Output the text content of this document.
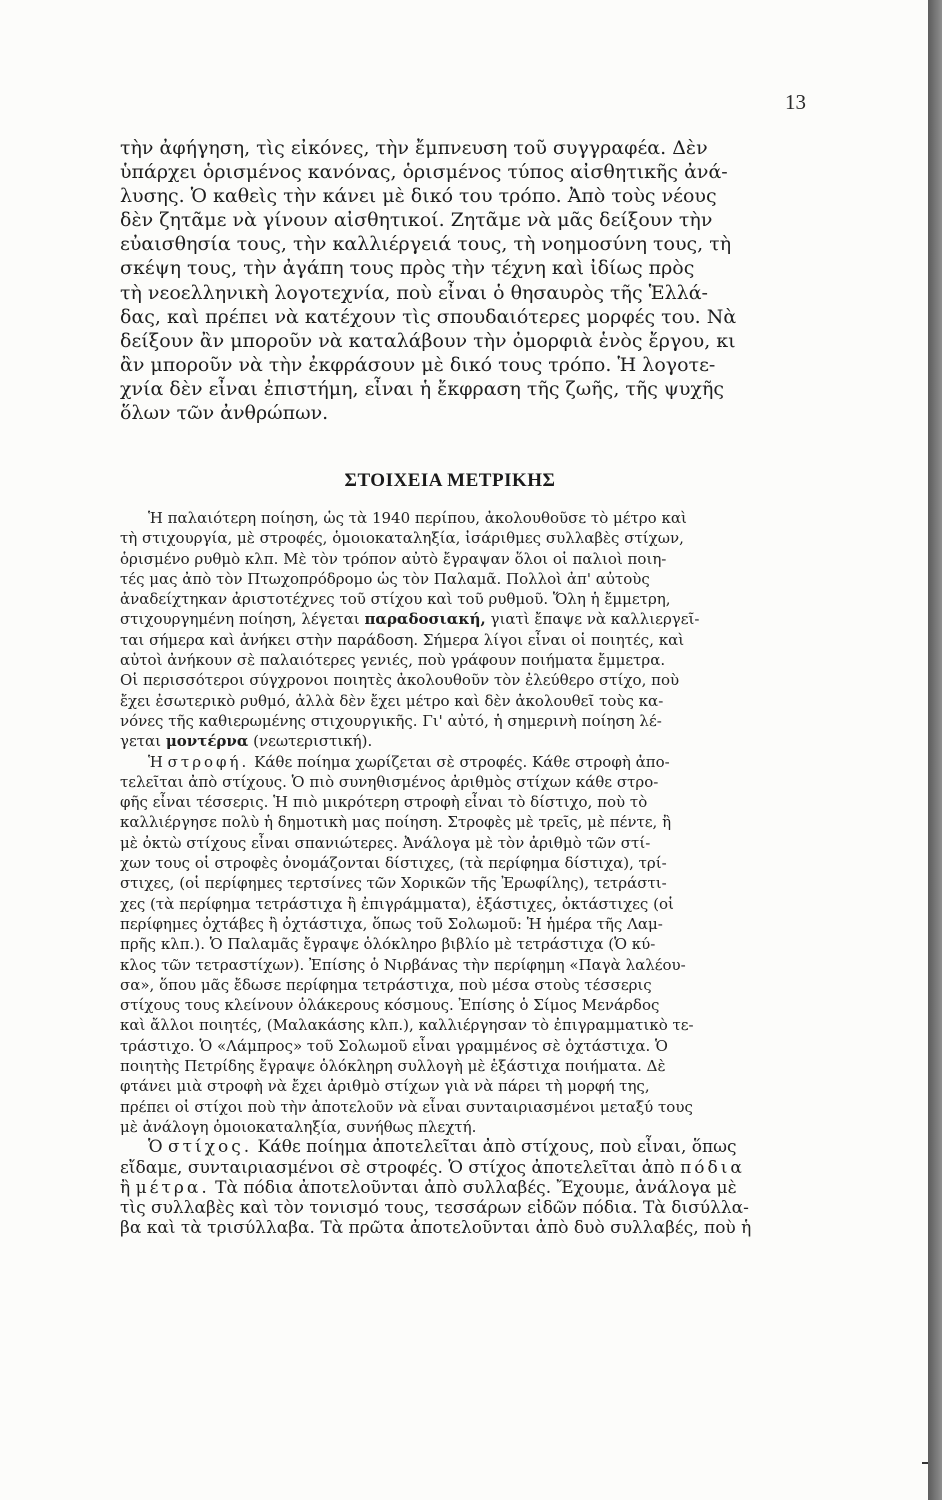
13
τὴν ἀφήγηση, τὶς εἰκόνες, τὴν ἔμπνευση τοῦ συγγραφέα. Δὲν
ὑπάρχει ὁρισμένος κανόνας, ὁρισμένος τύπος αἰσθητικῆς ἀνά-
λυσης. Ὁ καθεὶς τὴν κάνει μὲ δικό του τρόπο. Ἀπὸ τοὺς νέους
δὲν ζητᾶμε νὰ γίνουν αἰσθητικοί. Ζητᾶμε νὰ μᾶς δείξουν τὴν
εὐαισθησία τους, τὴν καλλιέργειά τους, τὴ νοημοσύνη τους, τὴ
σκέψη τους, τὴν ἀγάπη τους πρὸς τὴν τέχνη καὶ ἰδίως πρὸς
τὴ νεοελληνικὴ λογοτεχνία, ποὺ εἶναι ὁ θησαυρὸς τῆς Ἑλλά-
δας, καὶ πρέπει νὰ κατέχουν τὶς σπουδαιότερες μορφές του. Νὰ
δείξουν ἂν μποροῦν νὰ καταλάβουν τὴν ὀμορφιὰ ἑνὸς ἔργου, κι
ἂν μποροῦν νὰ τὴν ἐκφράσουν μὲ δικό τους τρόπο. Ἡ λογοτε-
χνία δὲν εἶναι ἐπιστήμη, εἶναι ἡ ἔκφραση τῆς ζωῆς, τῆς ψυχῆς
ὅλων τῶν ἀνθρώπων.
ΣΤΟΙΧΕΙΑ ΜΕΤΡΙΚΗΣ
Ἡ παλαιότερη ποίηση, ὡς τὰ 1940 περίπου, ἀκολουθοῦσε τὸ μέτρο καὶ
τὴ στιχουργία, μὲ στροφές, ὁμοιοκαταληξία, ἰσάριθμες συλλαβὲς στίχων,
ὁρισμένο ρυθμὸ κλπ. Μὲ τὸν τρόπον αὐτὸ ἔγραψαν ὅλοι οἱ παλιοὶ ποιη-
τές μας ἀπὸ τὸν Πτωχοπρόδρομο ὡς τὸν Παλαμᾶ. Πολλοὶ ἀπ' αὐτοὺς
ἀναδείχτηκαν ἀριστοτέχνες τοῦ στίχου καὶ τοῦ ρυθμοῦ. Ὅλη ἡ ἔμμετρη,
στιχουργημένη ποίηση, λέγεται παραδοσιακή, γιατὶ ἔπαψε νὰ καλλιεργεῖ-
ται σήμερα καὶ ἀνήκει στὴν παράδοση. Σήμερα λίγοι εἶναι οἱ ποιητές, καὶ
αὐτοὶ ἀνήκουν σὲ παλαιότερες γενιές, ποὺ γράφουν ποιήματα ἔμμετρα.
Οἱ περισσότεροι σύγχρονοι ποιητὲς ἀκολουθοῦν τὸν ἐλεύθερο στίχο, ποὺ
ἔχει ἐσωτερικὸ ρυθμό, ἀλλὰ δὲν ἔχει μέτρο καὶ δὲν ἀκολουθεῖ τοὺς κα-
νόνες τῆς καθιερωμένης στιχουργικῆς. Γι' αὐτό, ἡ σημερινὴ ποίηση λέ-
γεται μοντέρνα (νεωτεριστική).
Ἡ στροφή. Κάθε ποίημα χωρίζεται σὲ στροφές. Κάθε στροφὴ ἀπο-
τελεῖται ἀπὸ στίχους. Ὁ πιὸ συνηθισμένος ἀριθμὸς στίχων κάθε στρο-
φῆς εἶναι τέσσερις. Ἡ πιὸ μικρότερη στροφὴ εἶναι τὸ δίστιχο, ποὺ τὸ
καλλιέργησε πολὺ ἡ δημοτικὴ μας ποίηση. Στροφὲς μὲ τρεῖς, μὲ πέντε, ἢ
μὲ ὀκτὼ στίχους εἶναι σπανιώτερες. Ἀνάλογα μὲ τὸν ἀριθμὸ τῶν στί-
χων τους οἱ στροφὲς ὀνομάζονται δίστιχες, (τὰ περίφημα δίστιχα), τρί-
στιχες, (οἱ περίφημες τερτσίνες τῶν Χορικῶν τῆς Ἐρωφίλης), τετράστι-
χες (τὰ περίφημα τετράστιχα ἢ ἐπιγράμματα), ἑξάστιχες, ὀκτάστιχες (οἱ
περίφημες ὀχτάβες ἢ ὀχτάστιχα, ὅπως τοῦ Σολωμοῦ: Ἡ ἡμέρα τῆς Λαμ-
πρῆς κλπ.). Ὁ Παλαμᾶς ἔγραψε ὁλόκληρο βιβλίο μὲ τετράστιχα (Ὁ κύ-
κλος τῶν τετραστίχων). Ἐπίσης ὁ Νιρβάνας τὴν περίφημη «Παγὰ λαλέου-
σα», ὅπου μᾶς ἔδωσε περίφημα τετράστιχα, ποὺ μέσα στοὺς τέσσερις
στίχους τους κλείνουν ὁλάκερους κόσμους. Ἐπίσης ὁ Σίμος Μενάρδος
καὶ ἄλλοι ποιητές, (Μαλακάσης κλπ.), καλλιέργησαν τὸ ἐπιγραμματικὸ τε-
τράστιχο. Ὁ «Λάμπρος» τοῦ Σολωμοῦ εἶναι γραμμένος σὲ ὀχτάστιχα. Ὁ
ποιητὴς Πετρίδης ἔγραψε ὁλόκληρη συλλογὴ μὲ ἑξάστιχα ποιήματα. Δὲ
φτάνει μιὰ στροφὴ νὰ ἔχει ἀριθμὸ στίχων γιὰ νὰ πάρει τὴ μορφή της,
πρέπει οἱ στίχοι ποὺ τὴν ἀποτελοῦν νὰ εἶναι συνταιριασμένοι μεταξύ τους
μὲ ἀνάλογη ὁμοιοκαταληξία, συνήθως πλεχτή.
Ὁ στίχος. Κάθε ποίημα ἀποτελεῖται ἀπὸ στίχους, ποὺ εἶναι, ὅπως
εἴδαμε, συνταιριασμένοι σὲ στροφές. Ὁ στίχος ἀποτελεῖται ἀπὸ πόδια
ἢ μέτρα. Τὰ πόδια ἀποτελοῦνται ἀπὸ συλλαβές. Ἔχουμε, ἀνάλογα μὲ
τὶς συλλαβὲς καὶ τὸν τονισμό τους, τεσσάρων εἰδῶν πόδια. Τὰ δισύλλα-
βα καὶ τὰ τρισύλλαβα. Τὰ πρῶτα ἀποτελοῦνται ἀπὸ δυὸ συλλαβές, ποὺ ἡ
